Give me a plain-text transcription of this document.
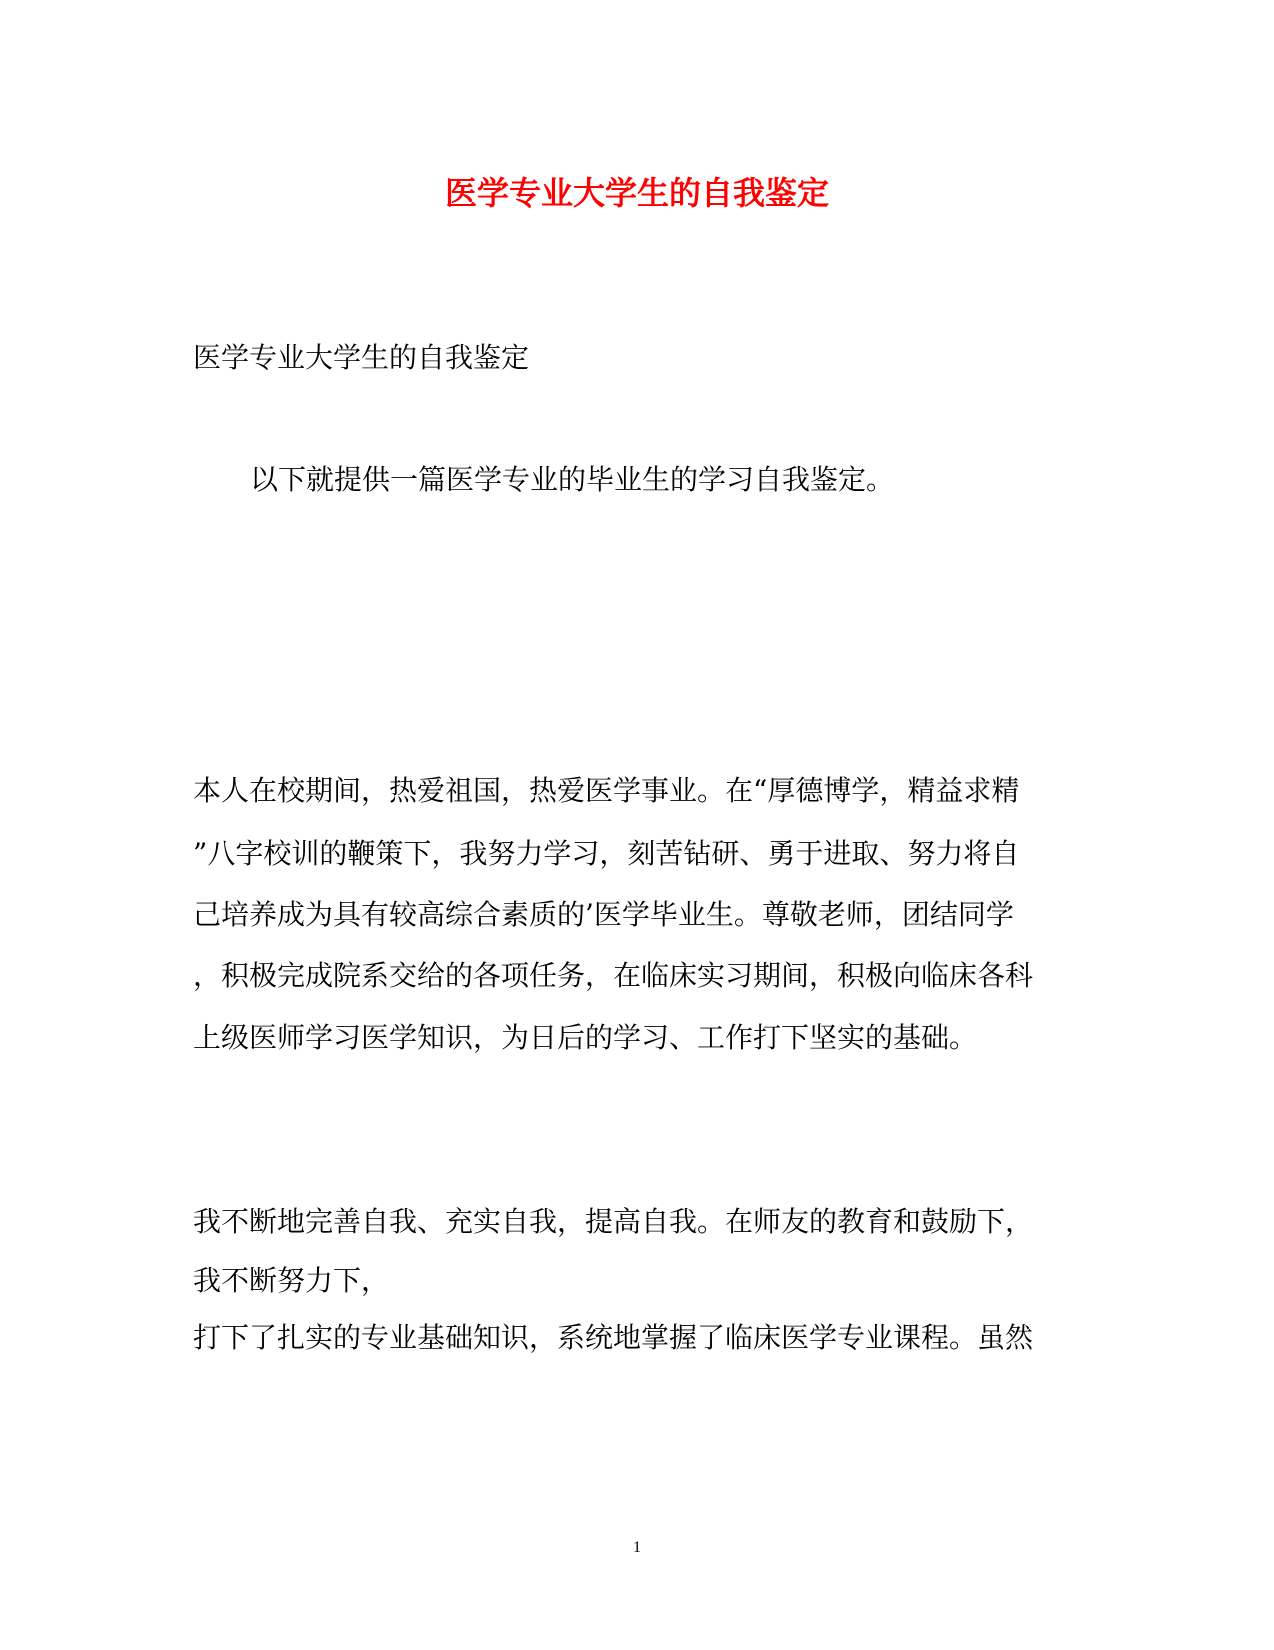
医学专业大学生的自我鉴定
医学专业大学生的自我鉴定
以下就提供一篇医学专业的毕业生的学习自我鉴定。
本人在校期间，热爱祖国，热爱医学事业。在“厚德博学，精益求精
”八字校训的鞭策下，我努力学习，刻苦钻研、勇于进取、努力将自
己培养成为具有较高综合素质的’医学毕业生。尊敬老师，团结同学
，积极完成院系交给的各项任务，在临床实习期间，积极向临床各科
上级医师学习医学知识，为日后的学习、工作打下坚实的基础。
我不断地完善自我、充实自我，提高自我。在师友的教育和鼓励下，
我不断努力下，
打下了扎实的专业基础知识，系统地掌握了临床医学专业课程。虽然
1
